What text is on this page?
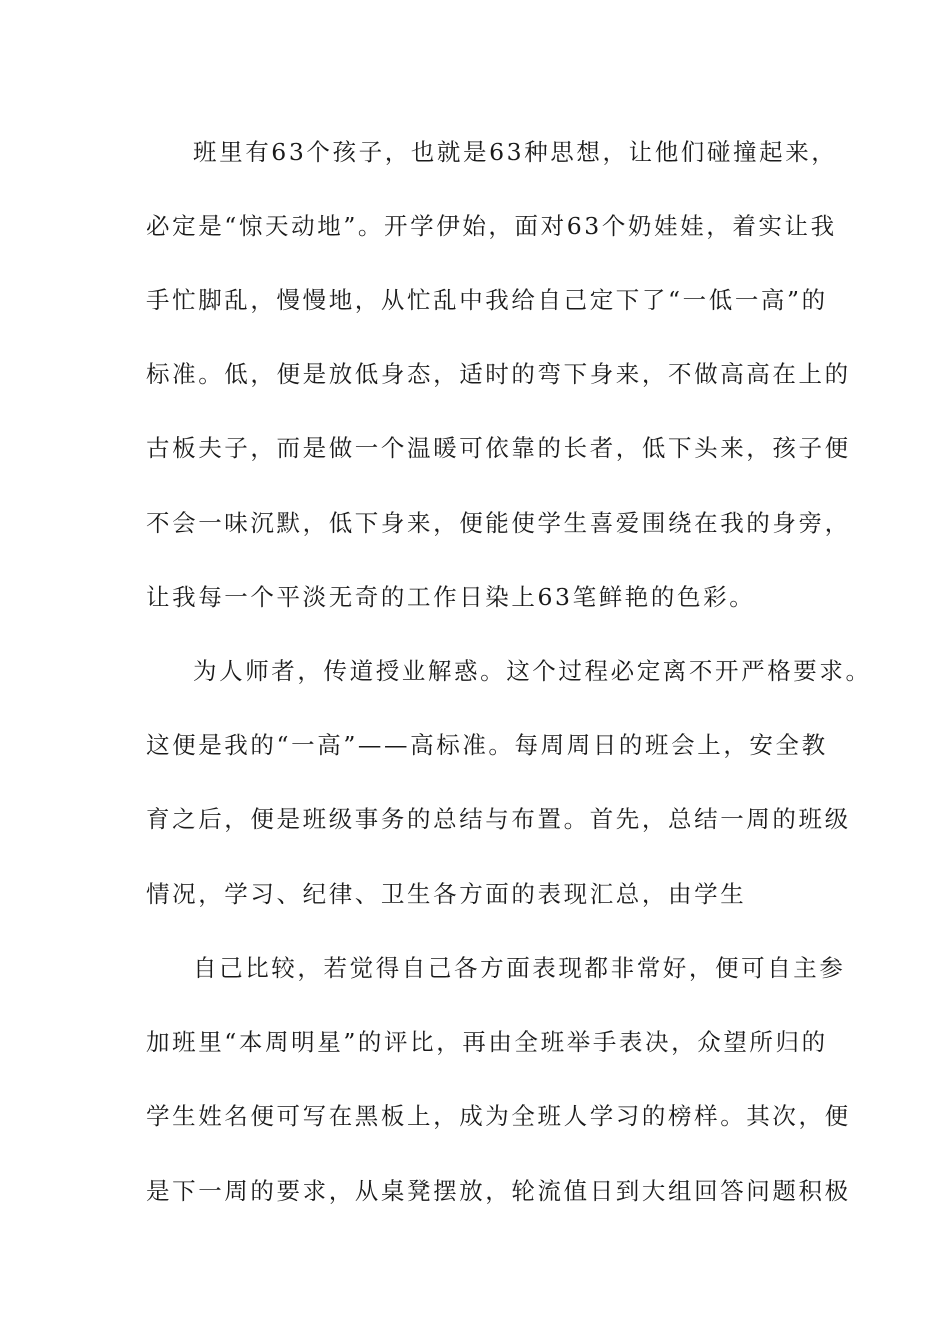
班里有63个孩子，也就是63种思想，让他们碰撞起来，
必定是“惊天动地”。开学伊始，面对63个奶娃娃，着实让我
手忙脚乱，慢慢地，从忙乱中我给自己定下了“一低一高”的
标准。低，便是放低身态，适时的弯下身来，不做高高在上的
古板夫子，而是做一个温暖可依靠的长者，低下头来，孩子便
不会一味沉默，低下身来，便能使学生喜爱围绕在我的身旁，
让我每一个平淡无奇的工作日染上63笔鲜艳的色彩。
为人师者，传道授业解惑。这个过程必定离不开严格要求。
这便是我的“一高”——高标准。每周周日的班会上，安全教
育之后，便是班级事务的总结与布置。首先，总结一周的班级
情况，学习、纪律、卫生各方面的表现汇总，由学生
自己比较，若觉得自己各方面表现都非常好，便可自主参
加班里“本周明星”的评比，再由全班举手表决，众望所归的
学生姓名便可写在黑板上，成为全班人学习的榜样。其次，便
是下一周的要求，从桌凳摆放，轮流值日到大组回答问题积极
